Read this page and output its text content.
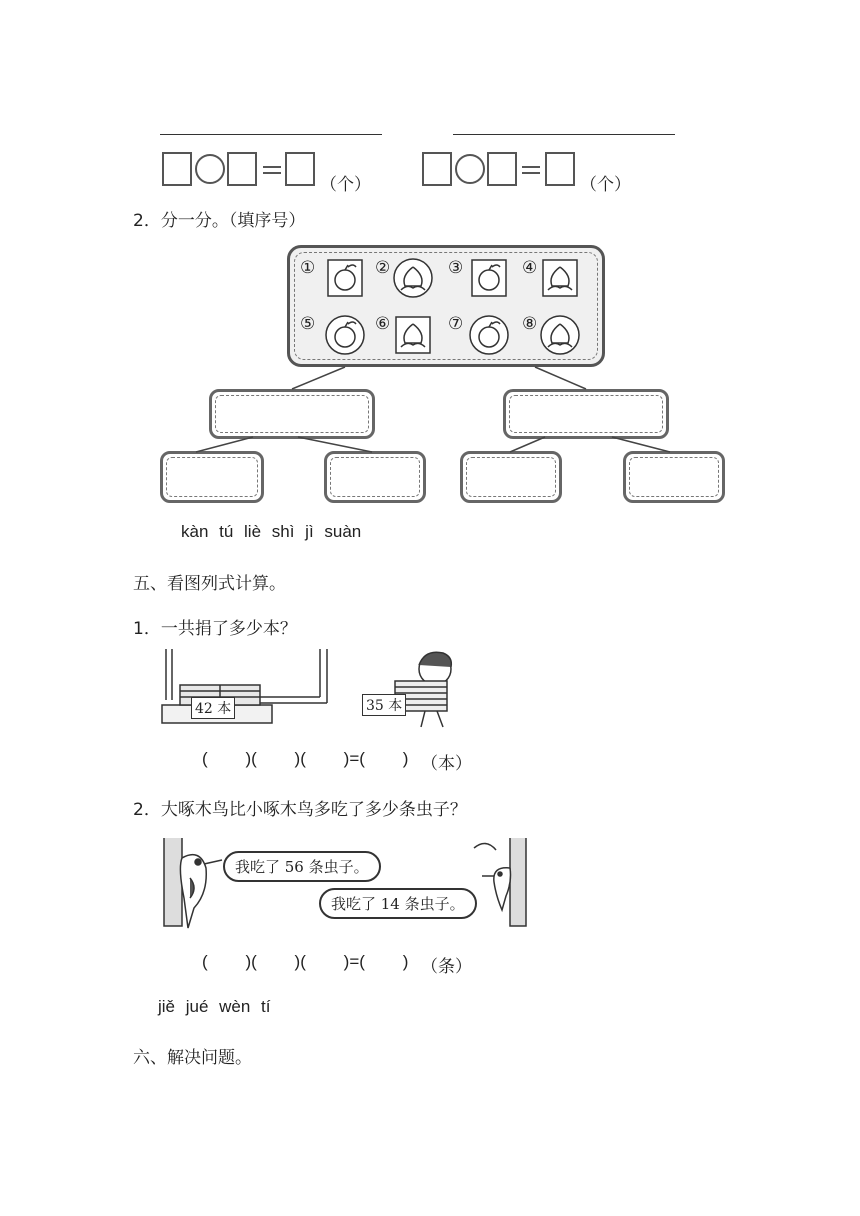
（个）	（个）
2．分一分。（填序号）
①	②	③	④
⑤	⑥	⑦	⑧
kàn tú liè shì jì suàn
五、看图列式计算。
1．一共捐了多少本？
42 本	35 本
(        )(        )(        )=(        ) （本）
2．大啄木鸟比小啄木鸟多吃了多少条虫子？
我吃了 56 条虫子。
我吃了 14 条虫子。
(        )(        )(        )=(        ) （条）
jiě jué wèn tí
六、解决问题。
